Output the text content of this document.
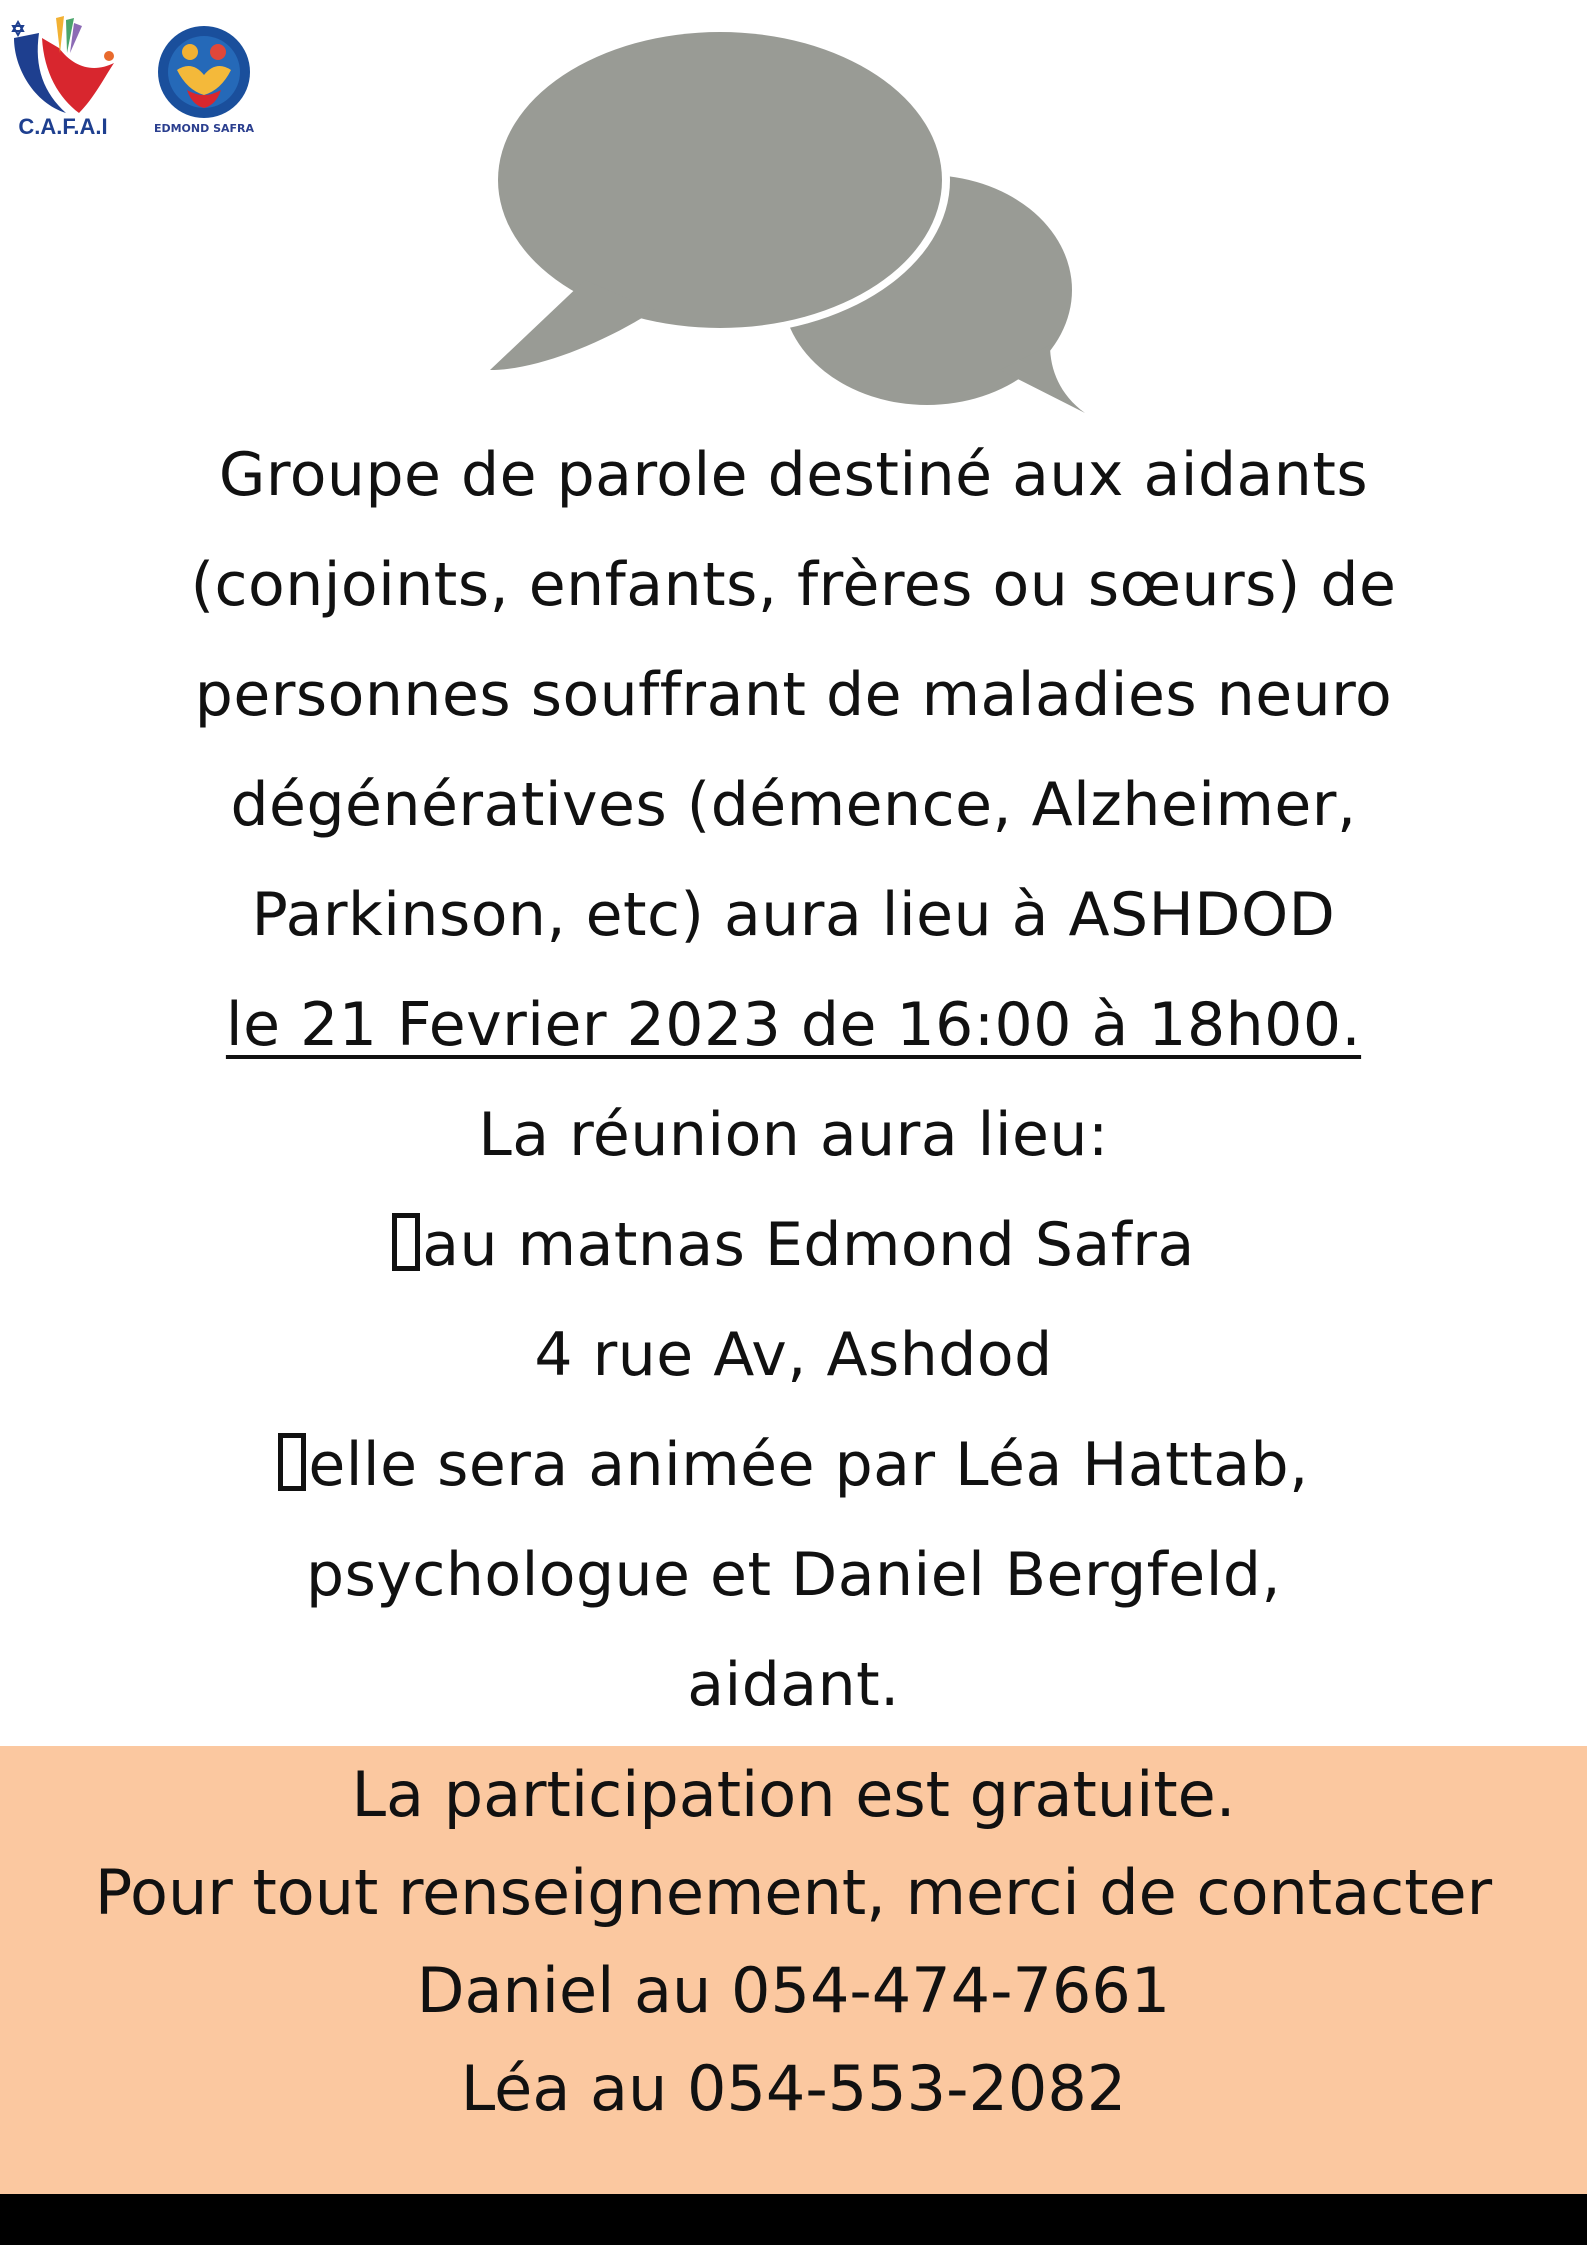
C.A.F.A.I	EDMOND SAFRA
Groupe de parole destiné aux aidants
(conjoints, enfants, frères ou sœurs) de
personnes souffrant de maladies neuro
dégénératives (démence, Alzheimer,
Parkinson, etc) aura lieu à ASHDOD
le 21 Fevrier 2023 de 16:00 à 18h00.
La réunion aura lieu:
au matnas Edmond Safra
4 rue Av, Ashdod
elle sera animée par Léa Hattab,
psychologue et Daniel Bergfeld,
aidant.
La participation est gratuite.
Pour tout renseignement, merci de contacter
Daniel au 054-474-7661
Léa au 054-553-2082
